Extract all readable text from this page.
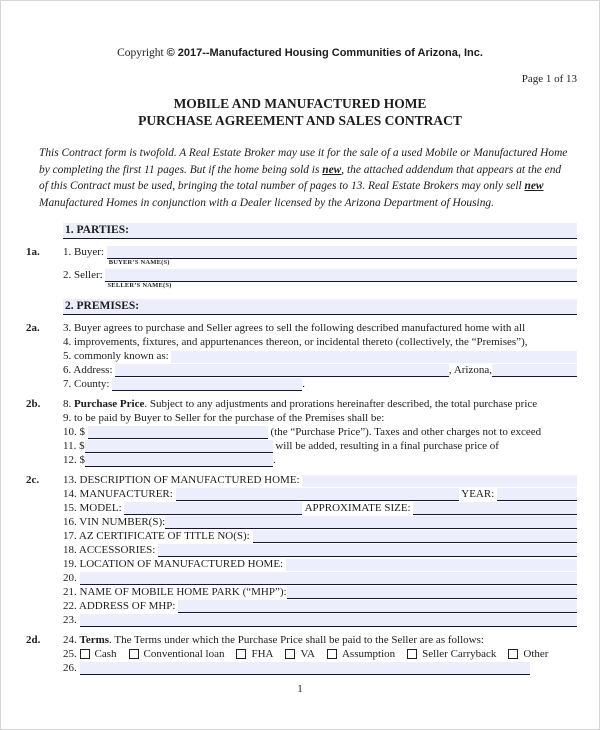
Copyright © 2017--Manufactured Housing Communities of Arizona, Inc.
Page 1 of 13
MOBILE AND MANUFACTURED HOME
PURCHASE AGREEMENT AND SALES CONTRACT
This Contract form is twofold. A Real Estate Broker may use it for the sale of a used Mobile or Manufactured Home by completing the first 11 pages. But if the home being sold is new, the attached addendum that appears at the end of this Contract must be used, bringing the total number of pages to 13. Real Estate Brokers may only sell new Manufactured Homes in conjunction with a Dealer licensed by the Arizona Department of Housing.
1. PARTIES:
1a.	1. Buyer:
BUYER’S NAME(S)
2. Seller:
SELLER’S NAME(S)
2. PREMISES:
2a.	3. Buyer agrees to purchase and Seller agrees to sell the following described manufactured home with all
4. improvements, fixtures, and appurtenances thereon, or incidental thereto (collectively, the “Premises”),
5. commonly known as:
6. Address:	, Arizona,
7. County:	.
2b.	8. Purchase Price . Subject to any adjustments and prorations hereinafter described, the total purchase price
9. to be paid by Buyer to Seller for the purchase of the Premises shall be:
10. $	(the “Purchase Price”). Taxes and other charges not to exceed
11. $	will be added, resulting in a final purchase price of
12. $	.
2c.	13. DESCRIPTION OF MANUFACTURED HOME:
14. MANUFACTURER:	YEAR:
15. MODEL:	APPROXIMATE SIZE:
16. VIN NUMBER(S):
17. AZ CERTIFICATE OF TITLE NO(S):
18. ACCESSORIES:
19. LOCATION OF MANUFACTURED HOME:
20.
21. NAME OF MOBILE HOME PARK (“MHP”):
22. ADDRESS OF MHP:
23.
2d.	24. Terms . The Terms under which the Purchase Price shall be paid to the Seller are as follows:
25. Cash Conventional loan FHA VA Assumption Seller Carryback Other
26.
1
